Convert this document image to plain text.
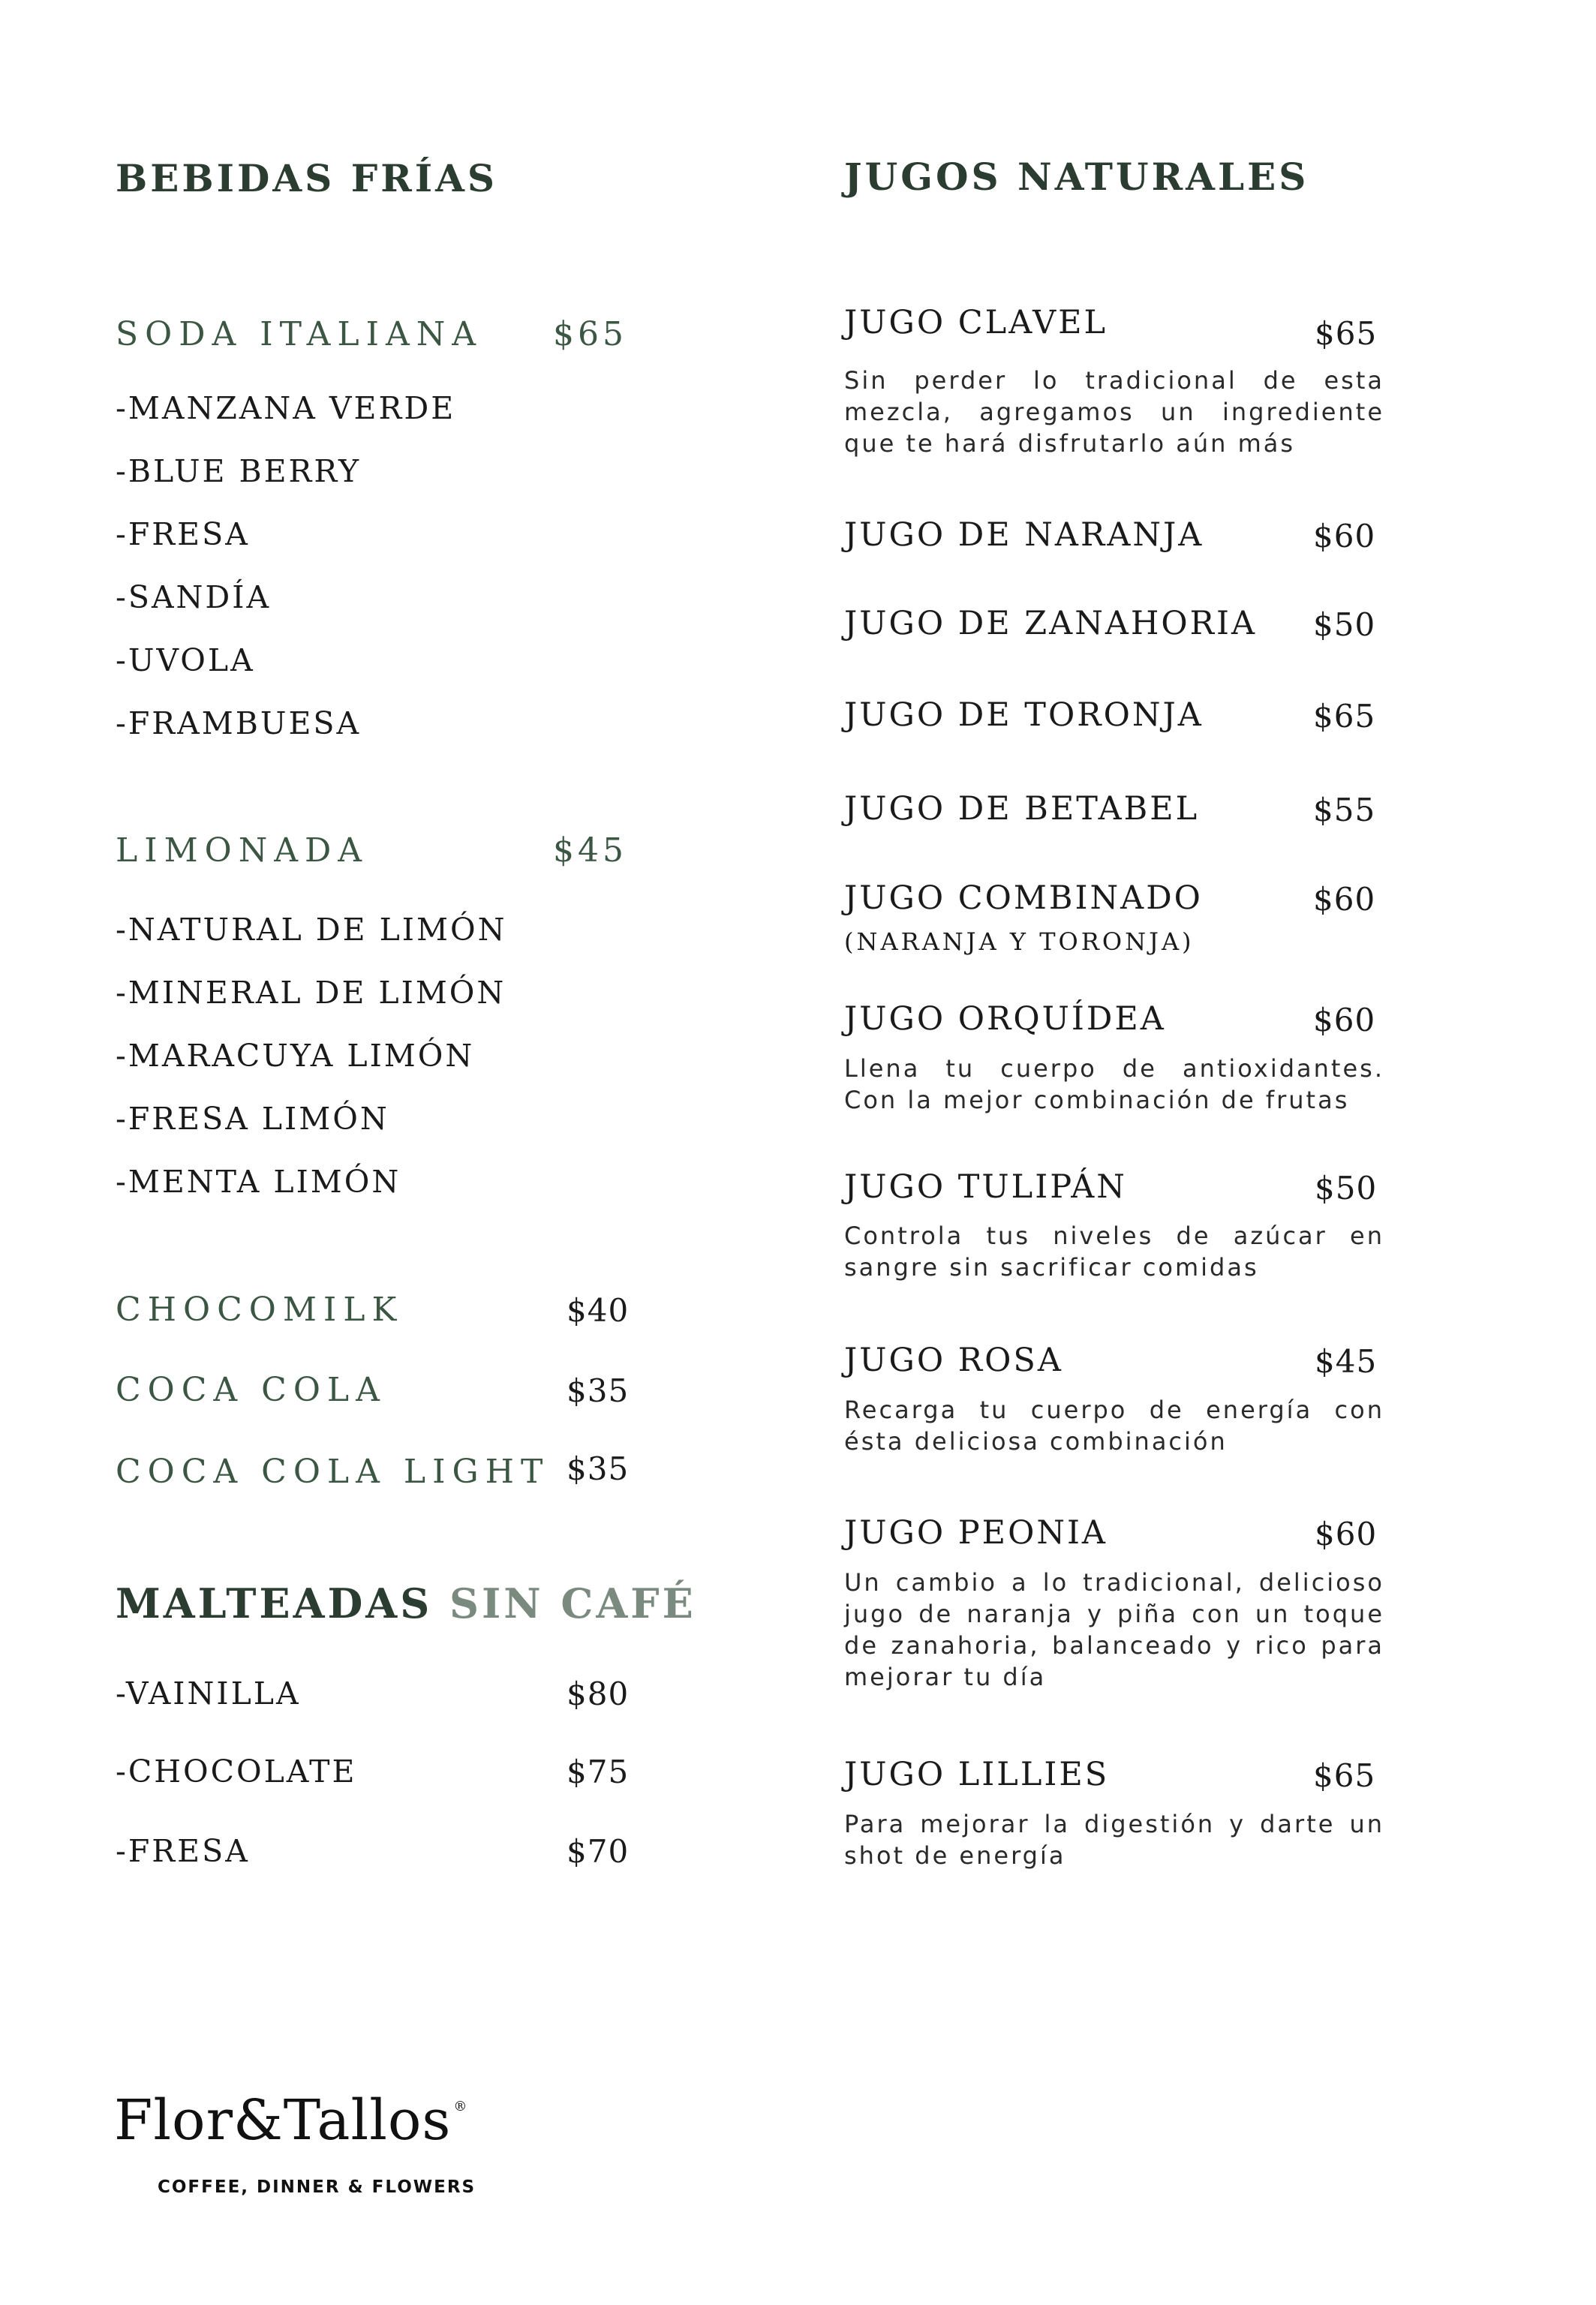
BEBIDAS FRÍAS
SODA ITALIANA $65
-MANZANA VERDE
-BLUE BERRY
-FRESA
-SANDÍA
-UVOLA
-FRAMBUESA
LIMONADA	$45
-NATURAL DE LIMÓN
-MINERAL DE LIMÓN
-MARACUYA LIMÓN
-FRESA LIMÓN
-MENTA LIMÓN
CHOCOMILK	$40
COCA COLA	$35
COCA COLA LIGHT $35
MALTEADAS SIN CAFÉ
-VAINILLA	$80
-CHOCOLATE	$75
-FRESA	$70
JUGOS NATURALES
JUGO CLAVEL	$65

Sin perder lo tradicional de esta mezcla, agregamos un ingrediente que te hará disfrutarlo aún más

JUGO DE NARANJA	$60
JUGO DE ZANAHORIA $50
JUGO DE TORONJA	$65
JUGO DE BETABEL	$55
JUGO COMBINADO	$60
(NARANJA Y TORONJA)
JUGO ORQUÍDEA	$60

Llena tu cuerpo de antioxidantes. Con la mejor combinación de frutas

JUGO TULIPÁN	$50

Controla tus niveles de azúcar en sangre sin sacrificar comidas

JUGO ROSA	$45

Recarga tu cuerpo de energía con ésta deliciosa combinación

JUGO PEONIA	$60

Un cambio a lo tradicional, delicioso jugo de naranja y piña con un toque de zanahoria, balanceado y rico para mejorar tu día

JUGO LILLIES	$65

Para mejorar la digestión y darte un shot de energía

Flor&Tallos ®
COFFEE, DINNER & FLOWERS
